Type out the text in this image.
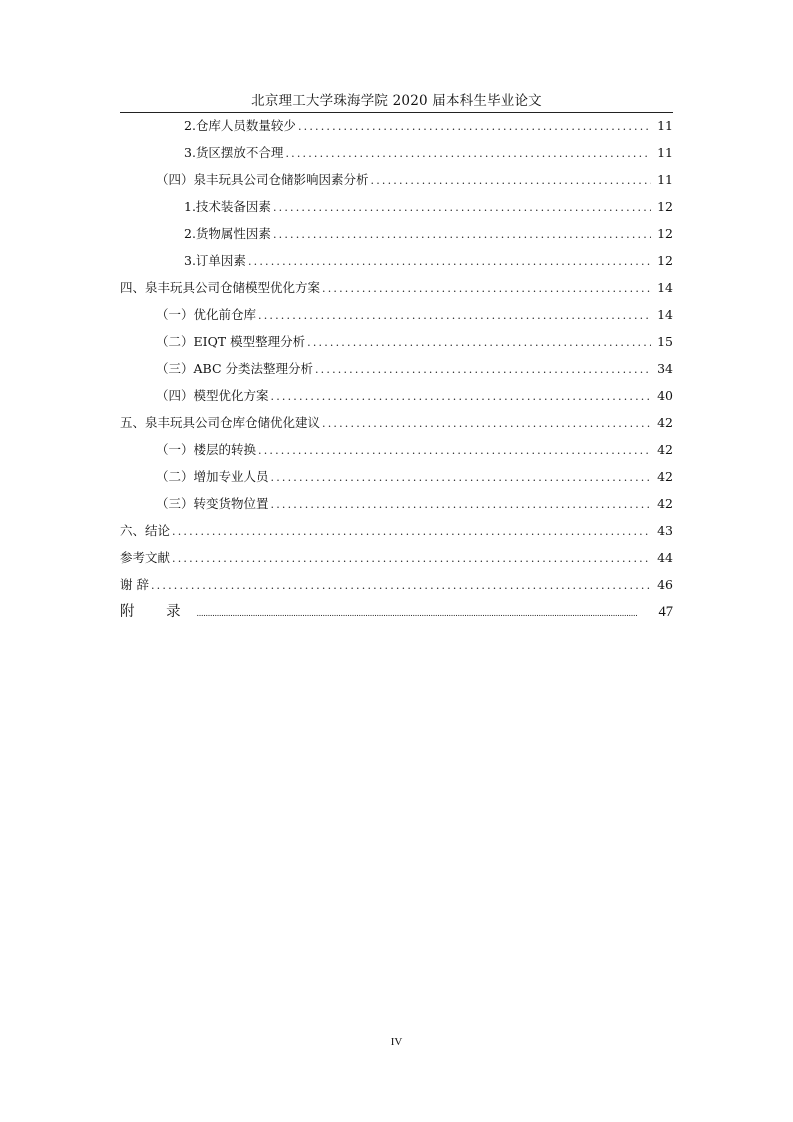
北京理工大学珠海学院 2020 届本科生毕业论文
2.仓库人员数量较少 .....	11
3.货区摆放不合理 .....	11
（四）泉丰玩具公司仓储影响因素分析 .....	11
1.技术装备因素 .....	12
2.货物属性因素 .....	12
3.订单因素 .....	12
四、泉丰玩具公司仓储模型优化方案 .....	14
（一）优化前仓库 .....	14
（二）EIQT 模型整理分析 .....	15
（三）ABC 分类法整理分析 .....	34
（四）模型优化方案 .....	40
五、泉丰玩具公司仓库仓储优化建议 .....	42
（一）楼层的转换 .....	42
（二）增加专业人员 .....	42
（三）转变货物位置 .....	42
六、结论 .....	43
参考文献 .....	44
谢 辞 .....	46
附 录 .....	47
IV
